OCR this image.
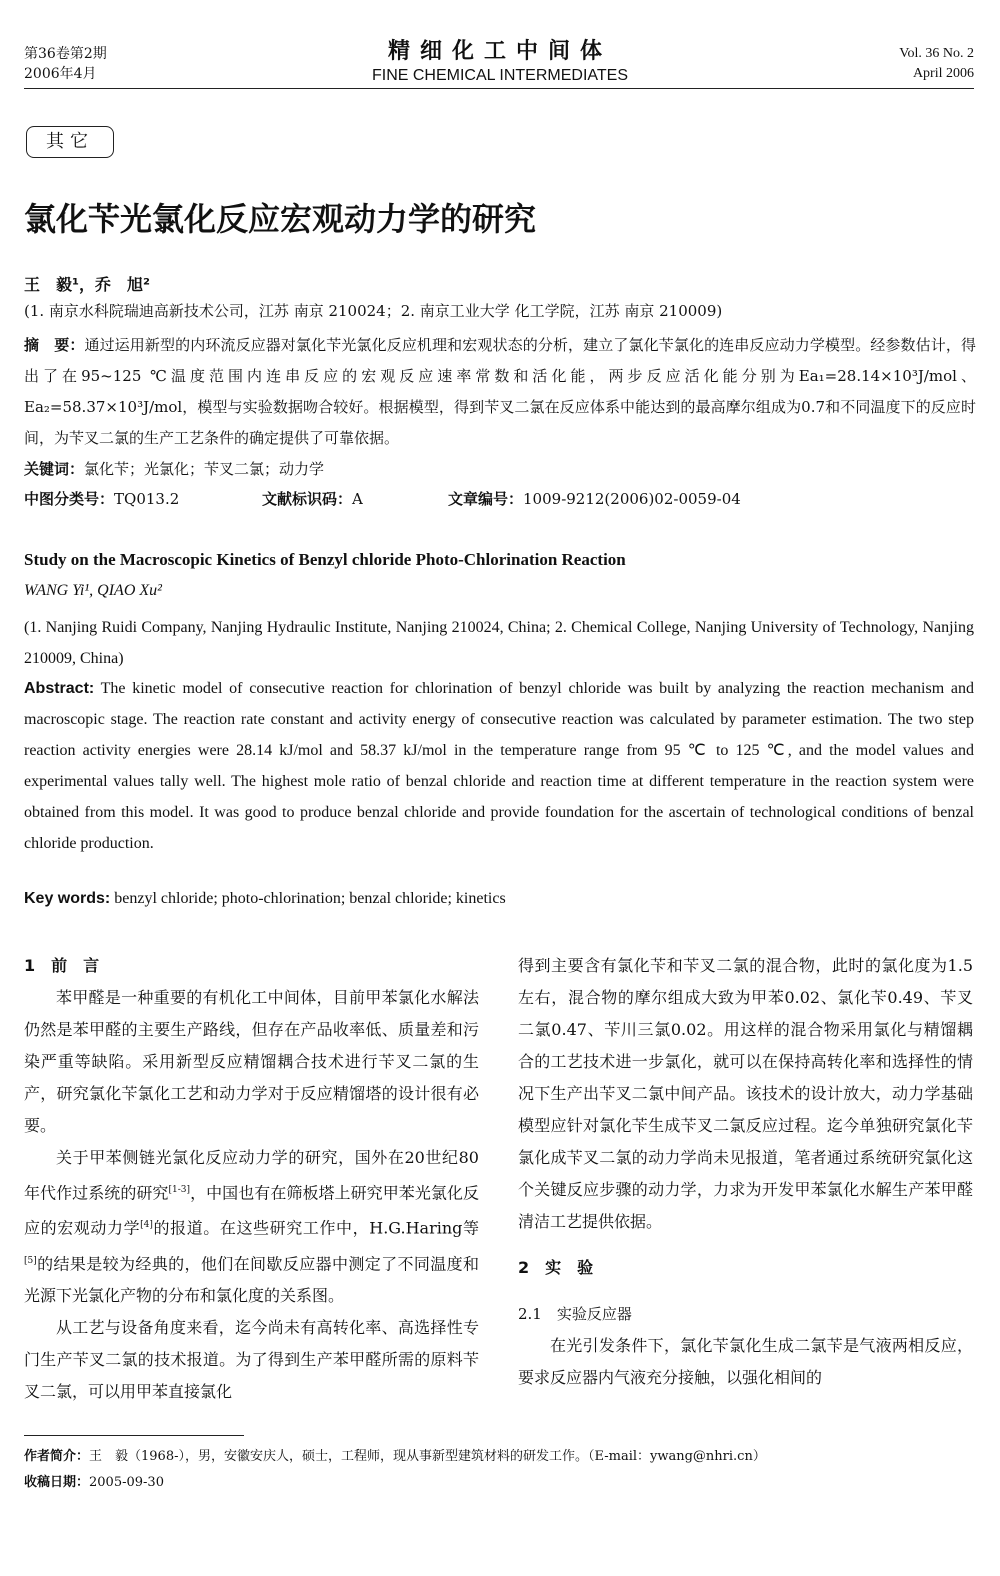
第36卷第2期
2006年4月
精细化工中间体
FINE CHEMICAL INTERMEDIATES
Vol. 36 No. 2
April 2006
其它
氯化苄光氯化反应宏观动力学的研究
王　毅¹，乔　旭²
(1. 南京水科院瑞迪高新技术公司，江苏 南京 210024；2. 南京工业大学 化工学院，江苏 南京 210009)
摘　要：通过运用新型的内环流反应器对氯化苄光氯化反应机理和宏观状态的分析，建立了氯化苄氯化的连串反应动力学模型。经参数估计，得出了在95~125 ℃温度范围内连串反应的宏观反应速率常数和活化能，两步反应活化能分别为Ea₁=28.14×10³J/mol、Ea₂=58.37×10³J/mol，模型与实验数据吻合较好。根据模型，得到苄叉二氯在反应体系中能达到的最高摩尔组成为0.7和不同温度下的反应时间，为苄叉二氯的生产工艺条件的确定提供了可靠依据。
关键词：氯化苄；光氯化；苄叉二氯；动力学
中图分类号：TQ013.2	文献标识码：A	文章编号：1009-9212(2006)02-0059-04
Study on the Macroscopic Kinetics of Benzyl chloride Photo-Chlorination Reaction
WANG Yi¹, QIAO Xu²
(1. Nanjing Ruidi Company, Nanjing Hydraulic Institute, Nanjing 210024, China; 2. Chemical College, Nanjing University of Technology, Nanjing 210009, China)
Abstract: The kinetic model of consecutive reaction for chlorination of benzyl chloride was built by analyzing the reaction mechanism and macroscopic stage. The reaction rate constant and activity energy of consecutive reaction was calculated by parameter estimation. The two step reaction activity energies were 28.14 kJ/mol and 58.37 kJ/mol in the temperature range from 95 ℃ to 125 ℃, and the model values and experimental values tally well. The highest mole ratio of benzal chloride and reaction time at different temperature in the reaction system were obtained from this model. It was good to produce benzal chloride and provide foundation for the ascertain of technological conditions of benzal chloride production.
Key words: benzyl chloride; photo-chlorination; benzal chloride; kinetics
1　前　言

苯甲醛是一种重要的有机化工中间体，目前甲苯氯化水解法仍然是苯甲醛的主要生产路线，但存在产品收率低、质量差和污染严重等缺陷。采用新型反应精馏耦合技术进行苄叉二氯的生产，研究氯化苄氯化工艺和动力学对于反应精馏塔的设计很有必要。

关于甲苯侧链光氯化反应动力学的研究，国外在20世纪80年代作过系统的研究[1-3]，中国也有在筛板塔上研究甲苯光氯化反应的宏观动力学[4]的报道。在这些研究工作中，H.G.Haring等 [5]的结果是较为经典的，他们在间歇反应器中测定了不同温度和光源下光氯化产物的分布和氯化度的关系图。

从工艺与设备角度来看，迄今尚未有高转化率、高选择性专门生产苄叉二氯的技术报道。为了得到生产苯甲醛所需的原料苄叉二氯，可以用甲苯直接氯化

得到主要含有氯化苄和苄叉二氯的混合物，此时的氯化度为1.5左右，混合物的摩尔组成大致为甲苯0.02、氯化苄0.49、苄叉二氯0.47、苄川三氯0.02。用这样的混合物采用氯化与精馏耦合的工艺技术进一步氯化，就可以在保持高转化率和选择性的情况下生产出苄叉二氯中间产品。该技术的设计放大，动力学基础模型应针对氯化苄生成苄叉二氯反应过程。迄今单独研究氯化苄氯化成苄叉二氯的动力学尚未见报道，笔者通过系统研究氯化这个关键反应步骤的动力学，力求为开发甲苯氯化水解生产苯甲醛清洁工艺提供依据。

2　实　验
2.1　实验反应器

在光引发条件下，氯化苄氯化生成二氯苄是气液两相反应，要求反应器内气液充分接触，以强化相间的

作者简介：王　毅（1968-），男，安徽安庆人，硕士，工程师，现从事新型建筑材料的研发工作。（E-mail：ywang@nhri.cn）
收稿日期：2005-09-30
